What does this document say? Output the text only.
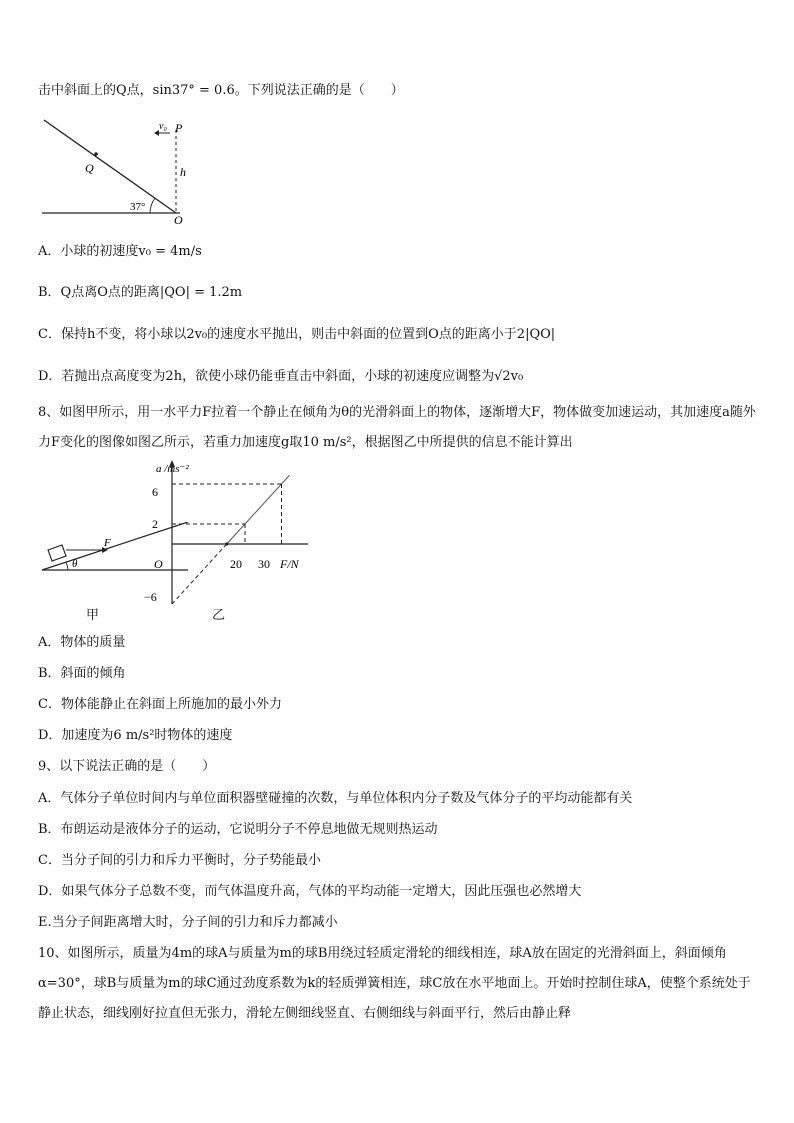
击中斜面上的Q点，sin37° = 0.6。下列说法正确的是（　　）
v₀ P
Q	h
37°
O
A．小球的初速度v₀ = 4m/s
B．Q点离O点的距离|QO| = 1.2m
C．保持h不变，将小球以2v₀的速度水平抛出，则击中斜面的位置到O点的距离小于2|QO|
D．若抛出点高度变为2h，欲使小球仍能垂直击中斜面，小球的初速度应调整为√2v₀
8、如图甲所示，用一水平力F拉着一个静止在倾角为θ的光滑斜面上的物体，逐渐增大F，物体做变加速运动，其加速度a随外力F变化的图像如图乙所示，若重力加速度g取10 m/s²，根据图乙中所提供的信息不能计算出
F
θ
甲
a /ms⁻²
F/N
O
6
2
−6
20 30
乙
A．物体的质量
B．斜面的倾角
C．物体能静止在斜面上所施加的最小外力
D．加速度为6 m/s²时物体的速度
9、以下说法正确的是（　　）
A．气体分子单位时间内与单位面积器壁碰撞的次数，与单位体积内分子数及气体分子的平均动能都有关
B．布朗运动是液体分子的运动，它说明分子不停息地做无规则热运动
C．当分子间的引力和斥力平衡时，分子势能最小
D．如果气体分子总数不变，而气体温度升高，气体的平均动能一定增大，因此压强也必然增大
E.当分子间距离增大时，分子间的引力和斥力都减小
10、如图所示，质量为4m的球A与质量为m的球B用绕过轻质定滑轮的细线相连，球A放在固定的光滑斜面上，斜面倾角α=30°，球B与质量为m的球C通过劲度系数为k的轻质弹簧相连，球C放在水平地面上。开始时控制住球A，使整个系统处于静止状态，细线刚好拉直但无张力，滑轮左侧细线竖直、右侧细线与斜面平行，然后由静止释
